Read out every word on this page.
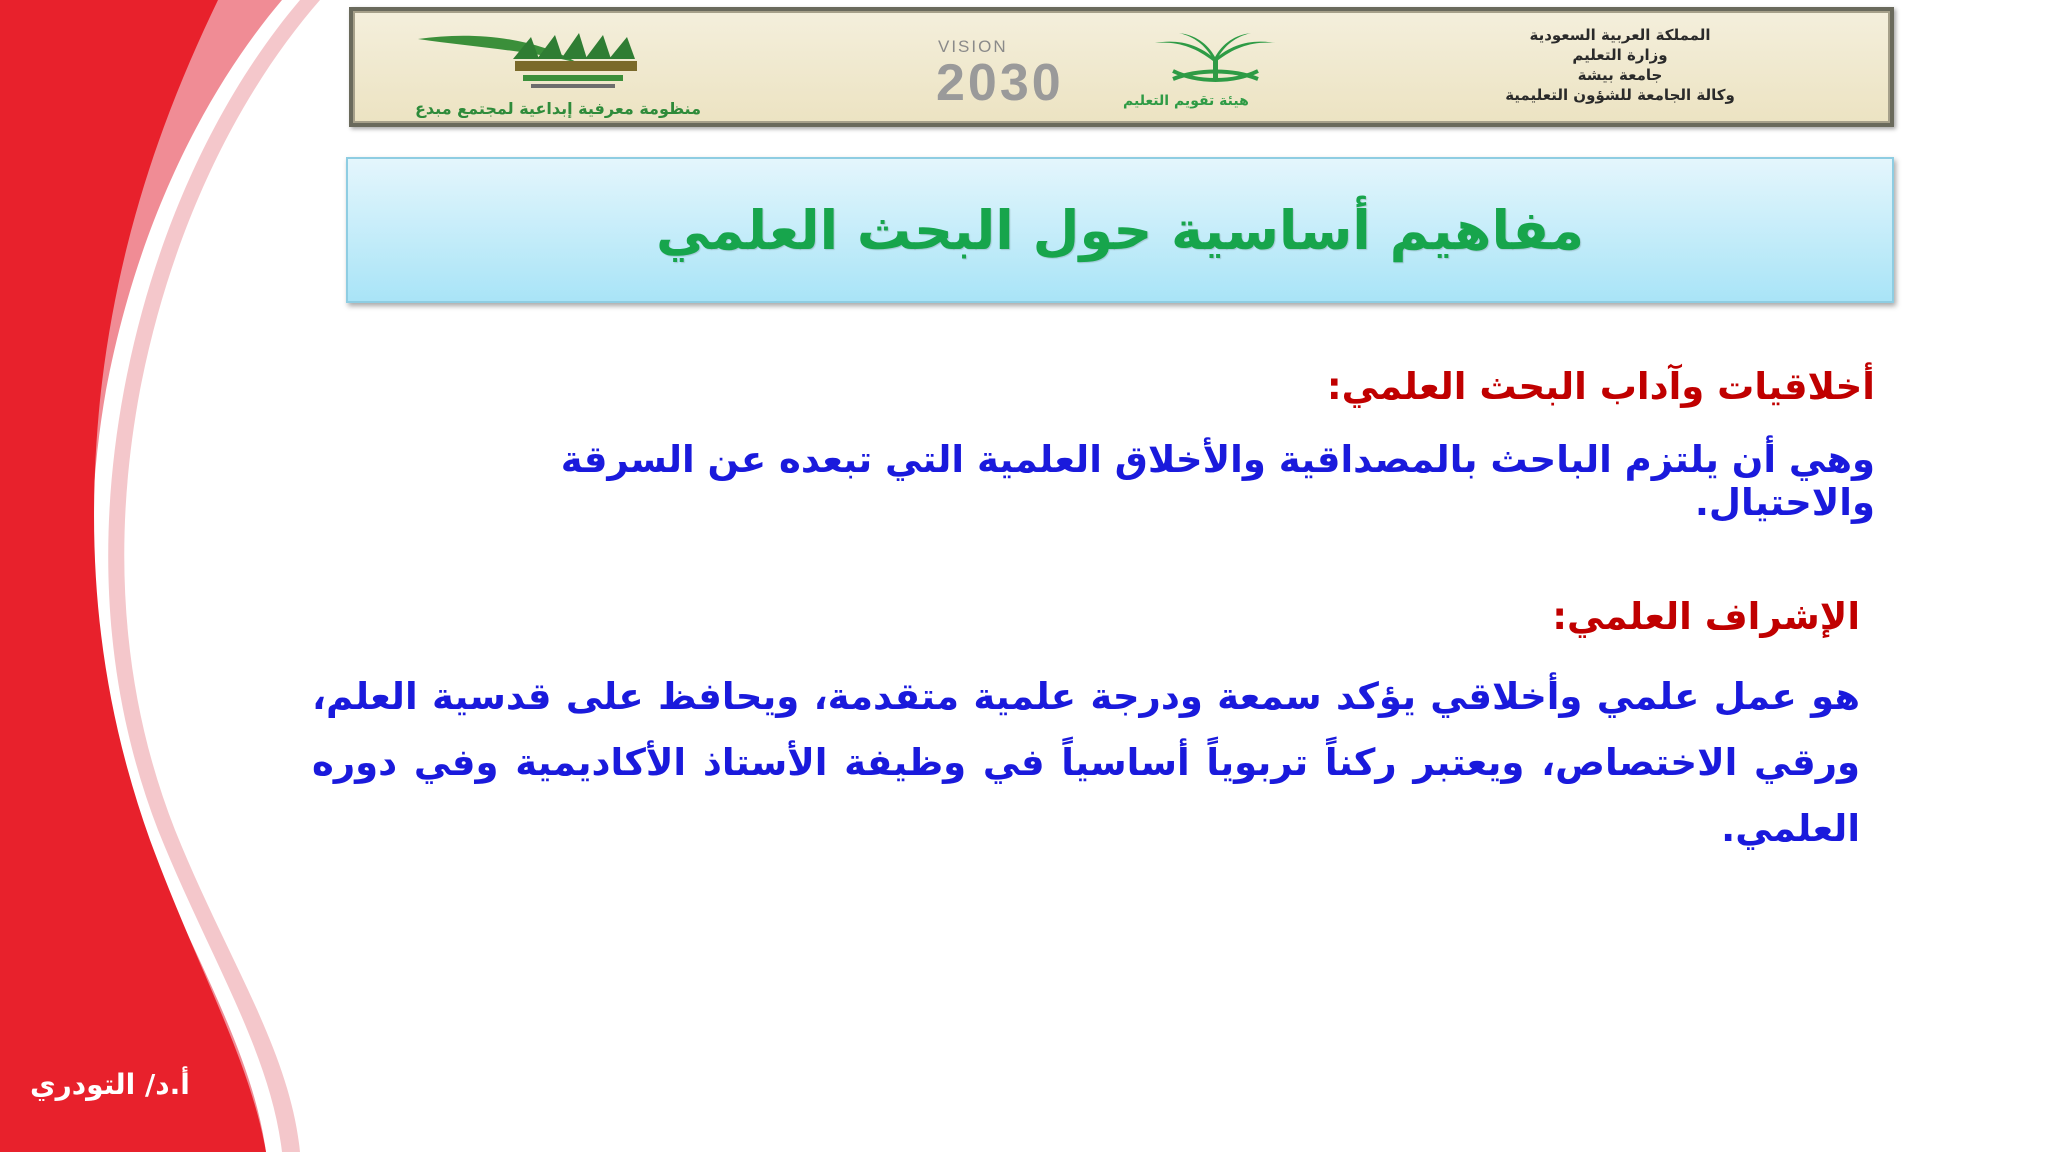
أ.د/ التودري
منظومة معرفية إبداعية لمجتمع مبدع
VISION
2030	هيئة تقويم التعليم
المملكة العربية السعودية
وزارة التعليم
جامعة بيشة
وكالة الجامعة للشؤون التعليمية
مفاهيم أساسية حول البحث العلمي
أخلاقيات وآداب البحث العلمي:
وهي أن يلتزم الباحث بالمصداقية والأخلاق العلمية التي تبعده عن السرقة والاحتيال.
الإشراف العلمي:
هو عمل علمي وأخلاقي يؤكد سمعة ودرجة علمية متقدمة، ويحافظ على قدسية العلم، ورقي الاختصاص، ويعتبر ركناً تربوياً أساسياً في وظيفة الأستاذ الأكاديمية وفي دوره العلمي.
